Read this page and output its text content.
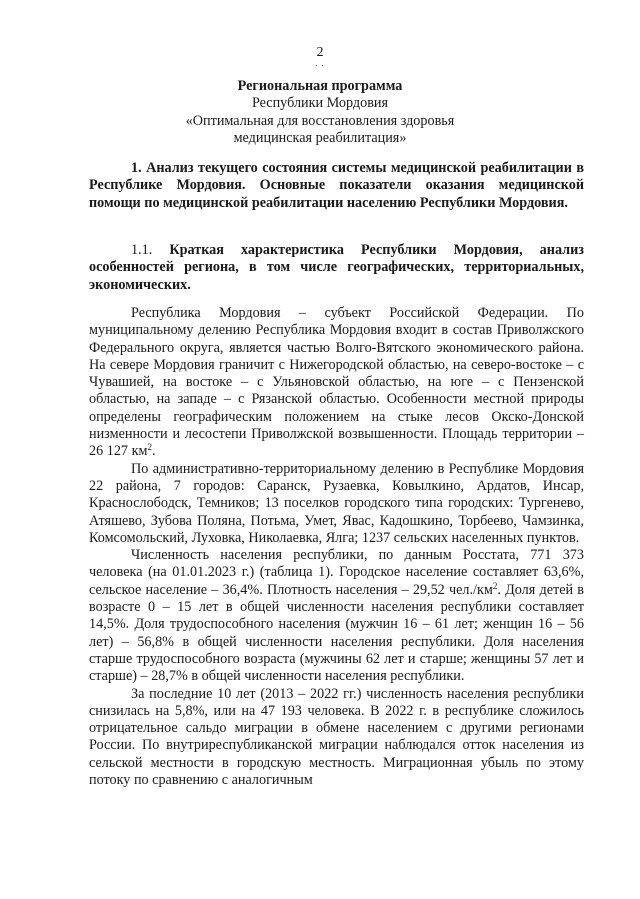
2
. .
Региональная программа
Республики Мордовия
«Оптимальная для восстановления здоровья
медицинская реабилитация»

1. Анализ текущего состояния системы медицинской реабилитации в Республике Мордовия. Основные показатели оказания медицинской помощи по медицинской реабилитации населению Республики Мордовия.

1.1. Краткая характеристика Республики Мордовия, анализ особенностей региона, в том числе географических, территориальных, экономических.

Республика Мордовия – субъект Российской Федерации. По муниципальному делению Республика Мордовия входит в состав Приволжского Федерального округа, является частью Волго-Вятского экономического района. На севере Мордовия граничит с Нижегородской областью, на северо-востоке – с Чувашией, на востоке – с Ульяновской областью, на юге – с Пензенской областью, на западе – с Рязанской областью. Особенности местной природы определены географическим положением на стыке лесов Окско-Донской низменности и лесостепи Приволжской возвышенности. Площадь территории – 26 127 $км^2$.

По административно-территориальному делению в Республике Мордовия 22 района, 7 городов: Саранск, Рузаевка, Ковылкино, Ардатов, Инсар, Краснослободск, Темников; 13 поселков городского типа городских: Тургенево, Атяшево, Зубова Поляна, Потьма, Умет, Явас, Кадошкино, Торбеево, Чамзинка, Комсомольский, Луховка, Николаевка, Ялга; 1237 сельских населенных пунктов.

Численность населения республики, по данным Росстата, 771 373 человека (на 01.01.2023 г.) (таблица 1). Городское население составляет 63,6%, сельское население – 36,4%. Плотность населения – 29,52 $чел./км^2$. Доля детей в возрасте 0 – 15 лет в общей численности населения республики составляет 14,5%. Доля трудоспособного населения (мужчин 16 – 61 лет; женщин 16 – 56 лет) – 56,8% в общей численности населения республики. Доля населения старше трудоспособного возраста (мужчины 62 лет и старше; женщины 57 лет и старше) – 28,7% в общей численности населения республики.

За последние 10 лет (2013 – 2022 гг.) численность населения республики снизилась на 5,8%, или на 47 193 человека. В 2022 г. в республике сложилось отрицательное сальдо миграции в обмене населением с другими регионами России. По внутриреспубликанской миграции наблюдался отток населения из сельской местности в городскую местность. Миграционная убыль по этому потоку по сравнению с аналогичным
